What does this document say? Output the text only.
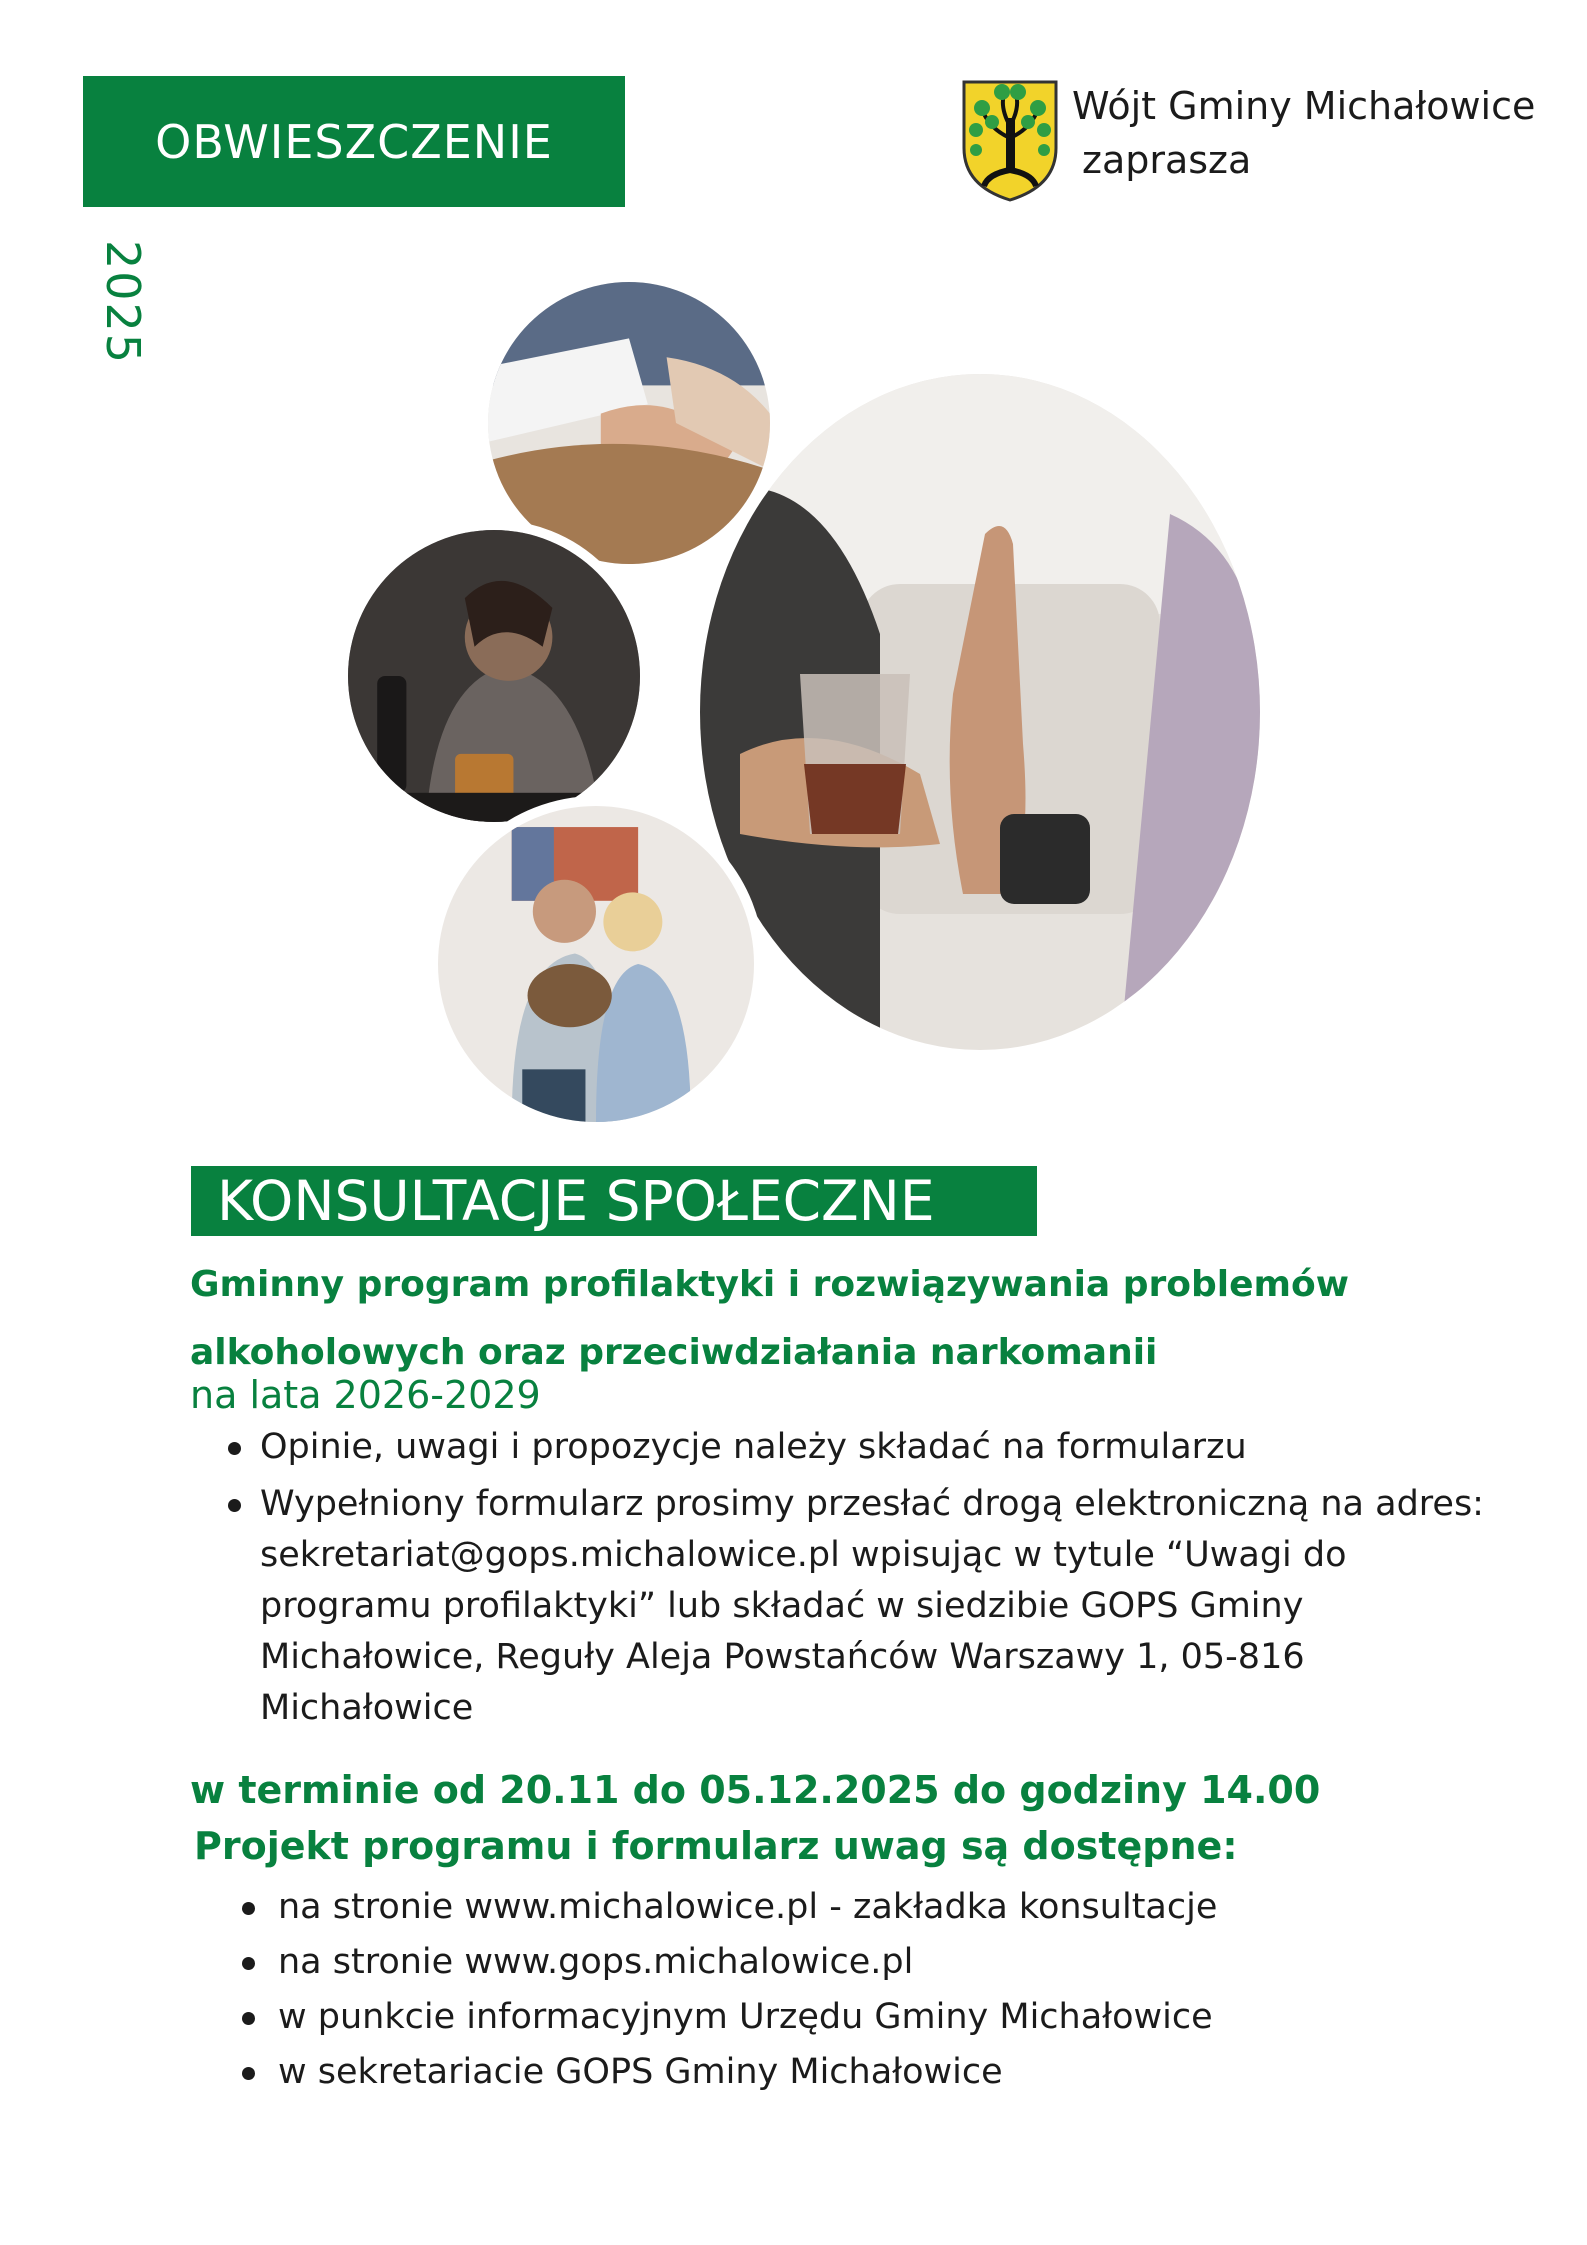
OBWIESZCZENIE
2025
Wójt Gminy Michałowice
zaprasza
KONSULTACJE SPOŁECZNE
Gminny program profilaktyki i rozwiązywania problemów alkoholowych oraz przeciwdziałania narkomanii
na lata 2026-2029
Opinie, uwagi i propozycje należy składać na formularzu
Wypełniony formularz prosimy przesłać drogą elektroniczną na adres: sekretariat@gops.michalowice.pl wpisując w tytule “Uwagi do programu profilaktyki” lub składać w siedzibie GOPS Gminy Michałowice, Reguły Aleja Powstańców Warszawy 1, 05-816 Michałowice
w terminie od 20.11 do 05.12.2025 do godziny 14.00
Projekt programu i formularz uwag są dostępne:
na stronie www.michalowice.pl - zakładka konsultacje
na stronie www.gops.michalowice.pl
w punkcie informacyjnym Urzędu Gminy Michałowice
w sekretariacie GOPS Gminy Michałowice
